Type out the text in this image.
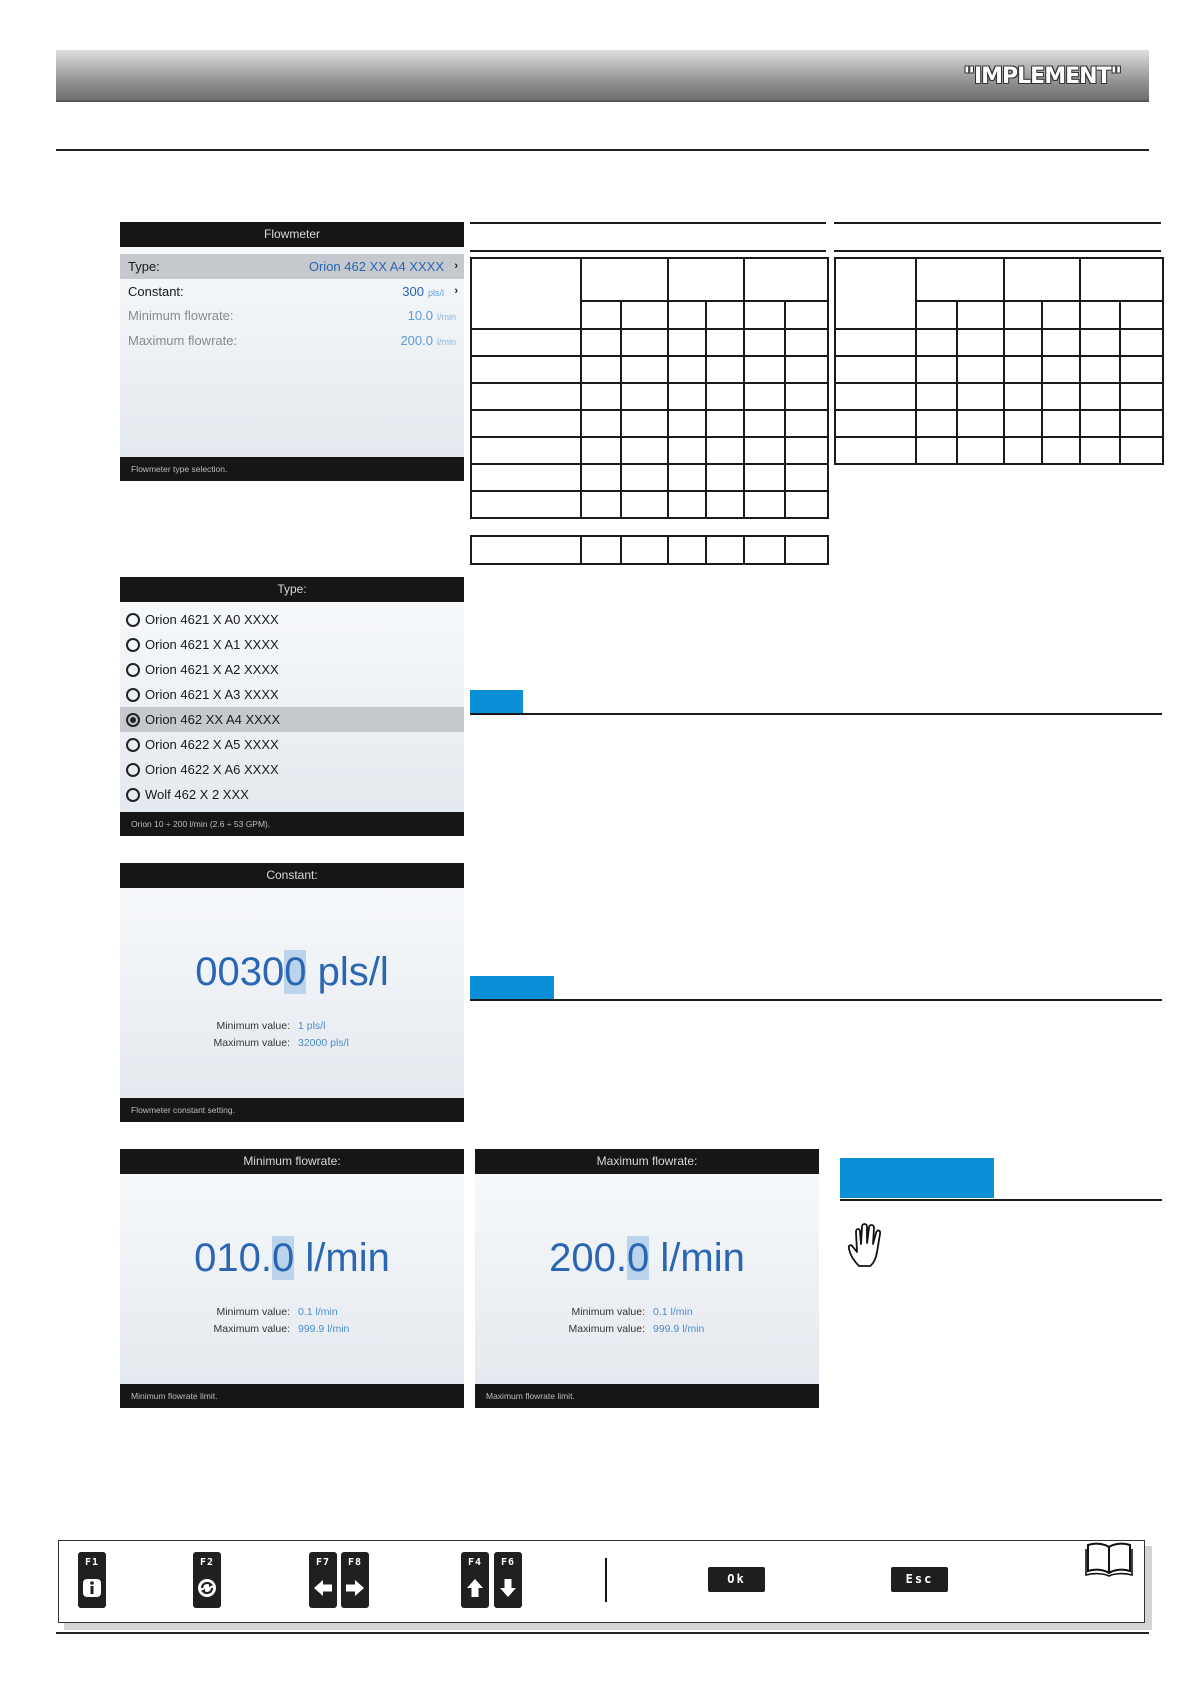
"IMPLEMENT"
Flowmeter
Type:	Orion 462 XX A4 XXXX ›
Constant:	300 pls/l ›
Minimum flowrate:	10.0 l/min
Maximum flowrate:	200.0 l/min
Flowmeter type selection.
Type:
Orion 4621 X A0 XXXX
Orion 4621 X A1 XXXX
Orion 4621 X A2 XXXX
Orion 4621 X A3 XXXX
Orion 462 XX A4 XXXX
Orion 4622 X A5 XXXX
Orion 4622 X A6 XXXX
Wolf 462 X 2 XXX
Orion 10 ÷ 200 l/min (2.6 ÷ 53 GPM).
Constant:
00300 pls/l
Minimum value: 1 pls/l
Maximum value: 32000 pls/l
Flowmeter constant setting.
Minimum flowrate:
010.0 l/min
Minimum value: 0.1 l/min
Maximum value: 999.9 l/min
Minimum flowrate limit.
Maximum flowrate:
200.0 l/min
Minimum value: 0.1 l/min
Maximum value: 999.9 l/min
Maximum flowrate limit.

F1	F2	F7	F8	F4	F6
Ok	Esc
